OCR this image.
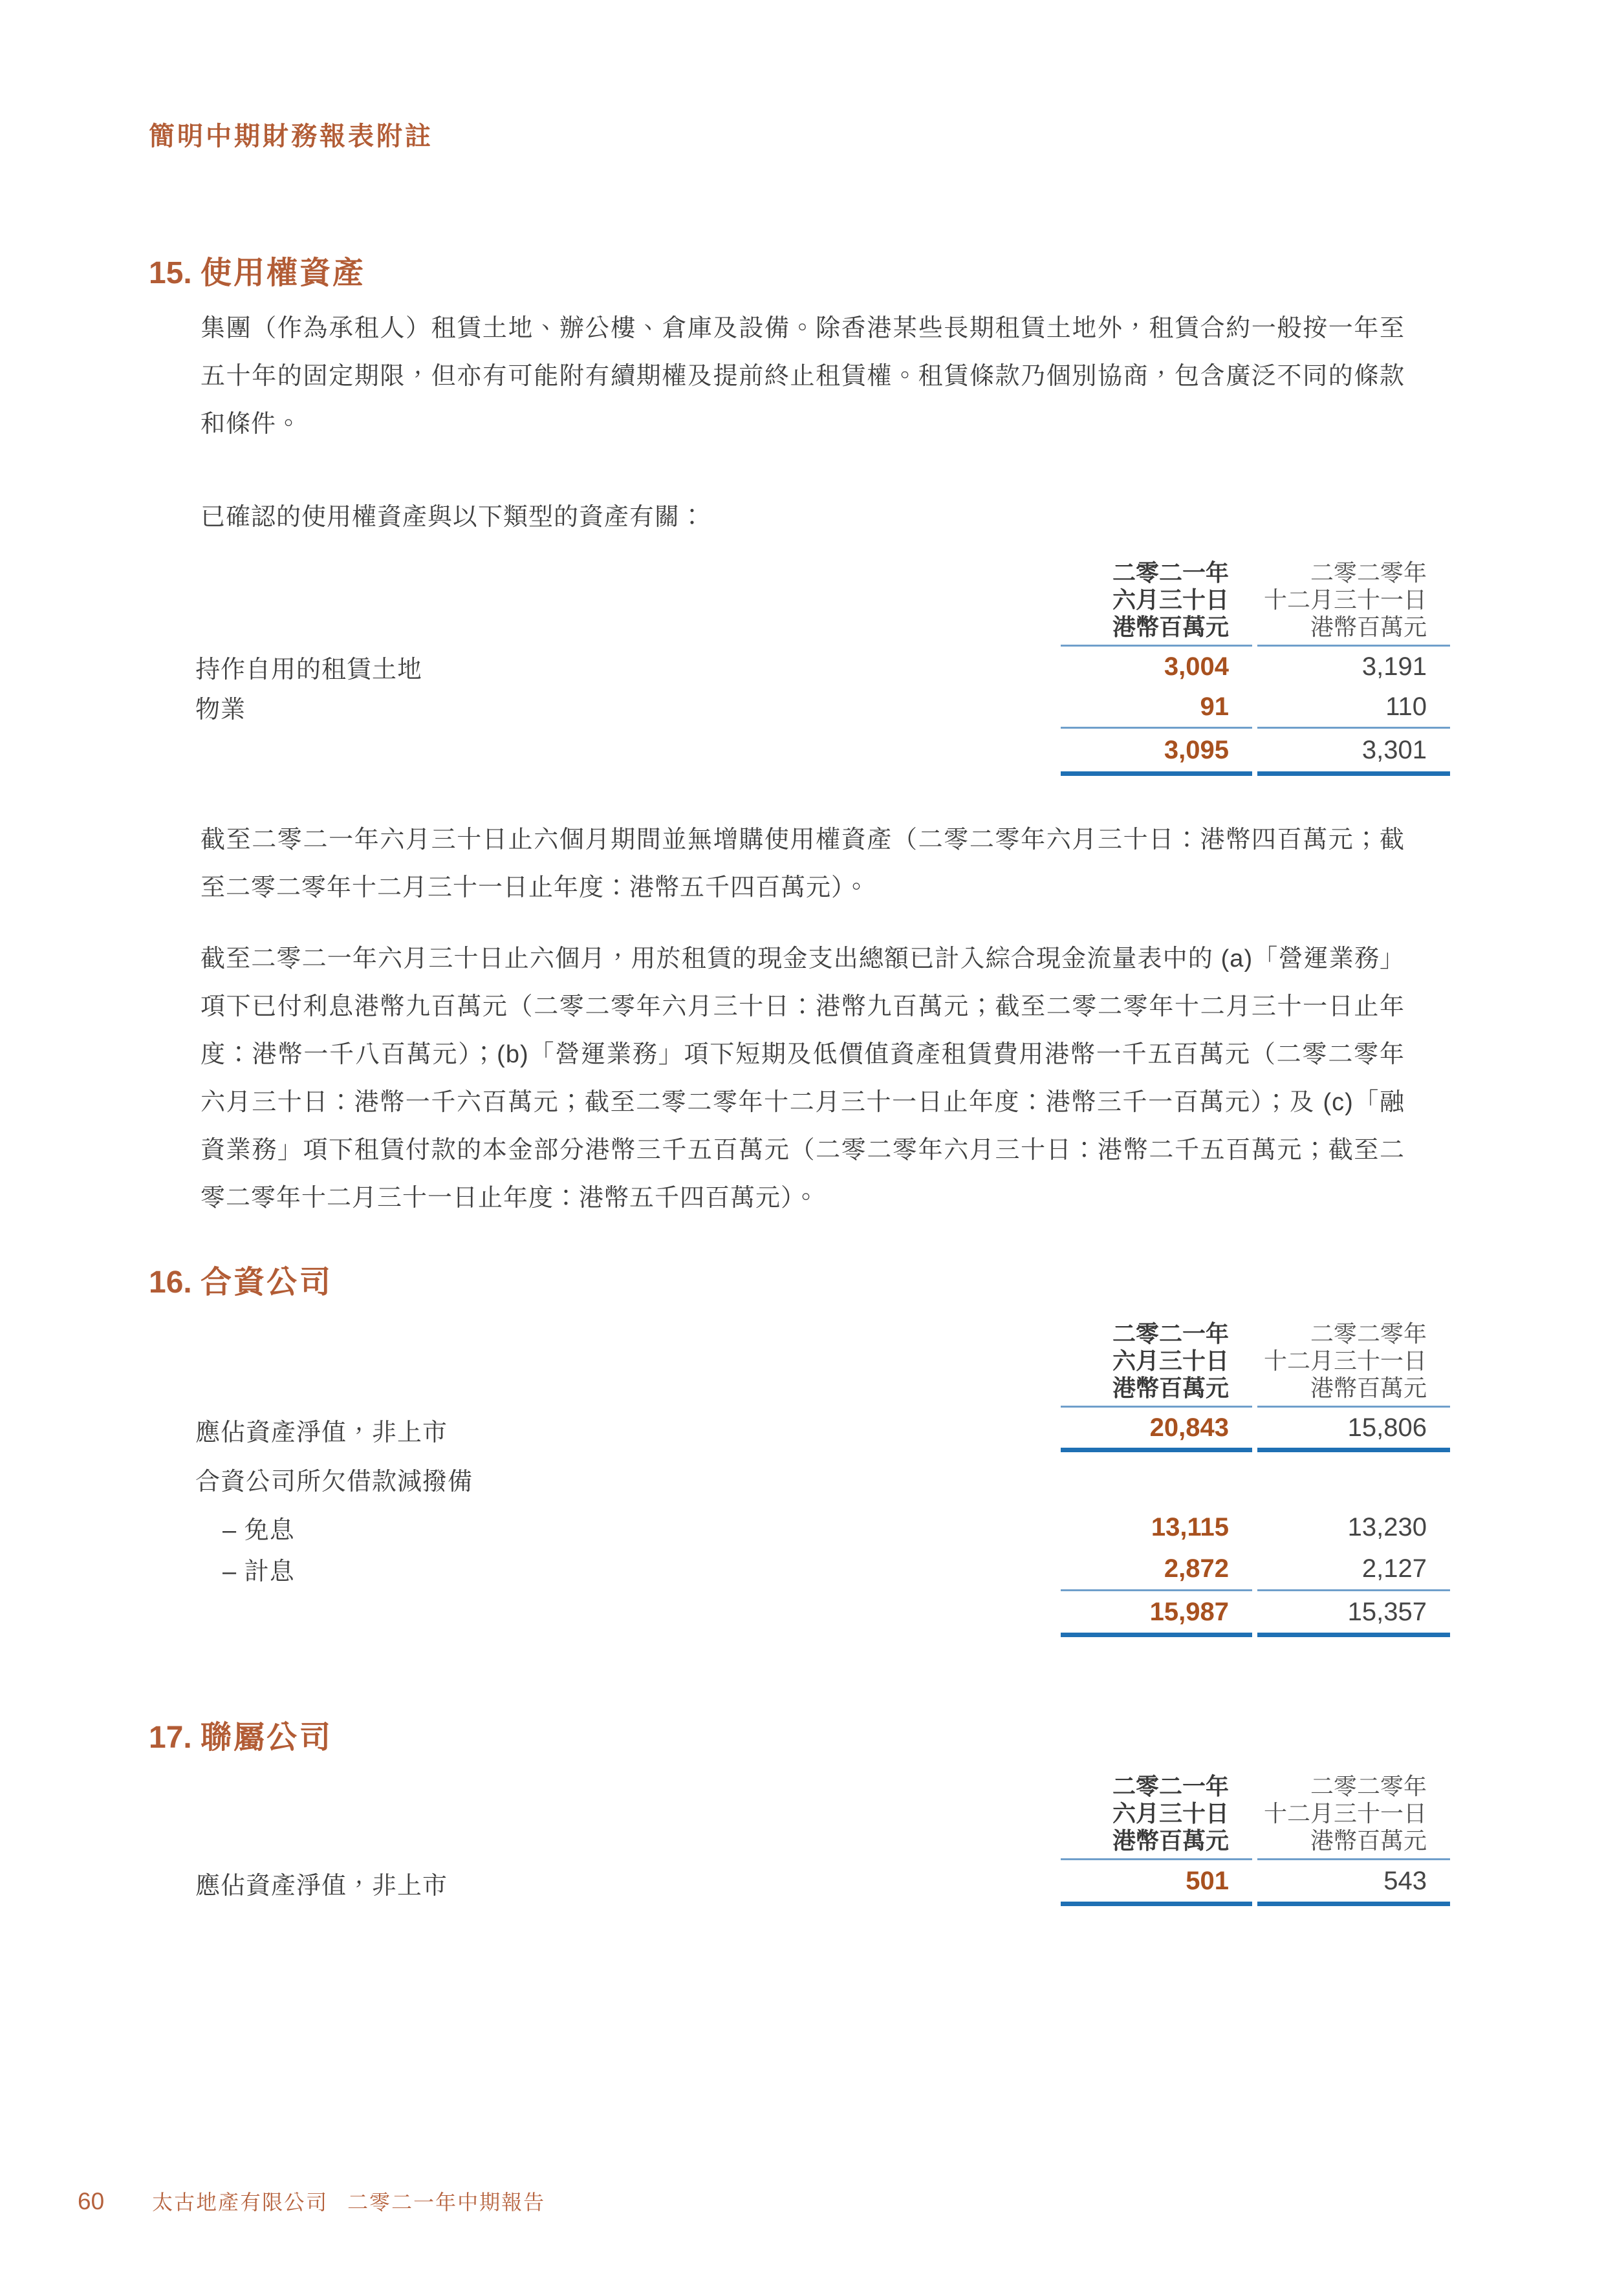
簡明中期財務報表附註
15. 使用權資產

集團（作為承租人）租賃土地、辦公樓、倉庫及設備。除香港某些長期租賃土地外，租賃合約一般按一年至五十年的固定期限，但亦有可能附有續期權及提前終止租賃權。租賃條款乃個別協商，包含廣泛不同的條款和條件。

已確認的使用權資產與以下類型的資產有關：

二零二一年
六月三十日
港幣百萬元

二零二零年
十二月三十一日
港幣百萬元

持作自用的租賃土地	3,004	3,191
物業	91	110
	3,095	3,301

截至二零二一年六月三十日止六個月期間並無增購使用權資產（二零二零年六月三十日：港幣四百萬元；截至二零二零年十二月三十一日止年度：港幣五千四百萬元）。

截至二零二一年六月三十日止六個月，用於租賃的現金支出總額已計入綜合現金流量表中的 (a)「營運業務」項下已付利息港幣九百萬元（二零二零年六月三十日：港幣九百萬元；截至二零二零年十二月三十一日止年度：港幣一千八百萬元）；(b)「營運業務」項下短期及低價值資產租賃費用港幣一千五百萬元（二零二零年六月三十日：港幣一千六百萬元；截至二零二零年十二月三十一日止年度：港幣三千一百萬元）；及 (c)「融資業務」項下租賃付款的本金部分港幣三千五百萬元（二零二零年六月三十日：港幣二千五百萬元；截至二零二零年十二月三十一日止年度：港幣五千四百萬元）。

16. 合資公司

二零二一年
六月三十日
港幣百萬元

二零二零年
十二月三十一日
港幣百萬元

應佔資產淨值，非上市	20,843	15,806
合資公司所欠借款減撥備		
– 免息	13,115	13,230
– 計息	2,872	2,127
	15,987	15,357
17. 聯屬公司

二零二一年
六月三十日
港幣百萬元

二零二零年
十二月三十一日
港幣百萬元

應佔資產淨值，非上市	501	543
60 太古地產有限公司 二零二一年中期報告
